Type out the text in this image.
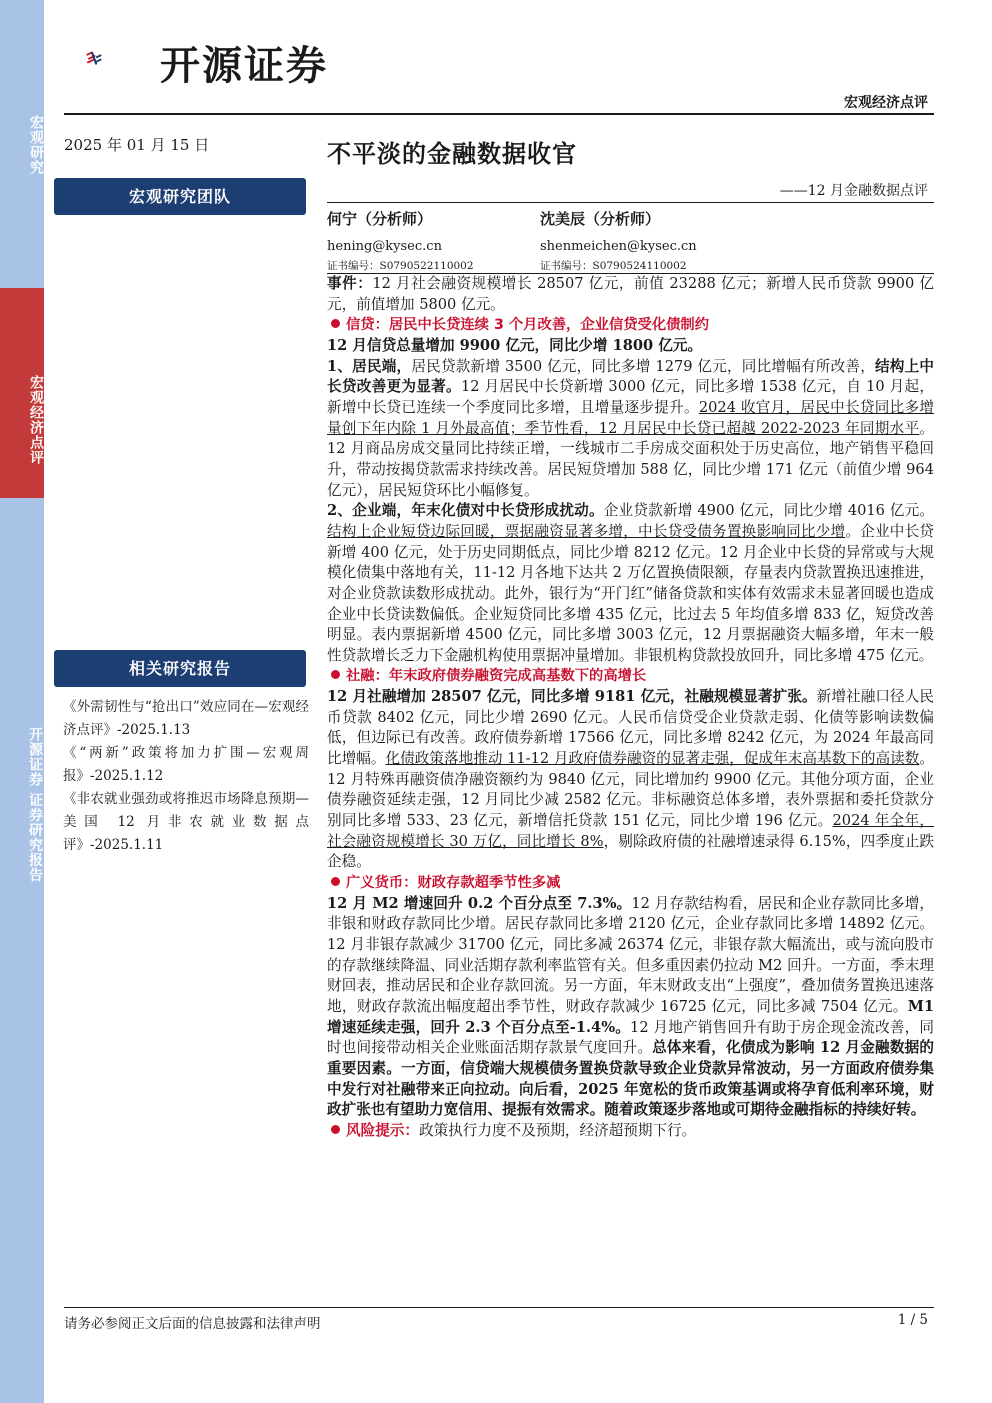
宏观研究
宏观经济点评
开源证券 证券研究报告
开源证券
宏观经济点评
2025 年 01 月 15 日	不平淡的金融数据收官
——12 月金融数据点评
宏观研究团队
何宁（分析师）
hening@kysec.cn
证书编号：S0790522110002
沈美辰（分析师）
shenmeichen@kysec.cn
证书编号：S0790524110002
相关研究报告

《外需韧性与“抢出口”效应同在—宏观经济点评》-2025.1.13

《“两新”政策将加力扩围—宏观周报》-2025.1.12

《非农就业强劲或将推迟市场降息预期—美国 12 月非农就业数据点评》-2025.1.11

事件：12 月社会融资规模增长 28507 亿元，前值 23288 亿元；新增人民币贷款 9900 亿元，前值增加 5800 亿元。

信贷：居民中长贷连续 3 个月改善，企业信贷受化债制约

12 月信贷总量增加 9900 亿元，同比少增 1800 亿元。

1、居民端，居民贷款新增 3500 亿元，同比多增 1279 亿元，同比增幅有所改善，结构上中长贷改善更为显著。12 月居民中长贷新增 3000 亿元，同比多增 1538 亿元，自 10 月起，新增中长贷已连续一个季度同比多增，且增量逐步提升。2024 收官月，居民中长贷同比多增量创下年内除 1 月外最高值；季节性看，12 月居民中长贷已超越 2022-2023 年同期水平。12 月商品房成交量同比持续正增，一线城市二手房成交面积处于历史高位，地产销售平稳回升，带动按揭贷款需求持续改善。居民短贷增加 588 亿，同比少增 171 亿元（前值少增 964 亿元），居民短贷环比小幅修复。

2、企业端，年末化债对中长贷形成扰动。企业贷款新增 4900 亿元，同比少增 4016 亿元。结构上企业短贷边际回暖，票据融资显著多增，中长贷受债务置换影响同比少增。企业中长贷新增 400 亿元，处于历史同期低点，同比少增 8212 亿元。12 月企业中长贷的异常或与大规模化债集中落地有关，11-12 月各地下达共 2 万亿置换债限额，存量表内贷款置换迅速推进，对企业贷款读数形成扰动。此外，银行为“开门红”储备贷款和实体有效需求未显著回暖也造成企业中长贷读数偏低。企业短贷同比多增 435 亿元，比过去 5 年均值多增 833 亿，短贷改善明显。表内票据新增 4500 亿元，同比多增 3003 亿元，12 月票据融资大幅多增，年末一般性贷款增长乏力下金融机构使用票据冲量增加。非银机构贷款投放回升，同比多增 475 亿元。

社融：年末政府债券融资完成高基数下的高增长

12 月社融增加 28507 亿元，同比多增 9181 亿元，社融规模显著扩张。新增社融口径人民币贷款 8402 亿元，同比少增 2690 亿元。人民币信贷受企业贷款走弱、化债等影响读数偏低，但边际已有改善。政府债券新增 17566 亿元，同比多增 8242 亿元，为 2024 年最高同比增幅。化债政策落地推动 11-12 月政府债券融资的显著走强，促成年末高基数下的高读数。12 月特殊再融资债净融资额约为 9840 亿元，同比增加约 9900 亿元。其他分项方面，企业债券融资延续走强，12 月同比少减 2582 亿元。非标融资总体多增，表外票据和委托贷款分别同比多增 533、23 亿元，新增信托贷款 151 亿元，同比少增 196 亿元。2024 年全年，社会融资规模增长 30 万亿，同比增长 8%，剔除政府债的社融增速录得 6.15%，四季度止跌企稳。

广义货币：财政存款超季节性多减

12 月 M2 增速回升 0.2 个百分点至 7.3%。12 月存款结构看，居民和企业存款同比多增，非银和财政存款同比少增。居民存款同比多增 2120 亿元，企业存款同比多增 14892 亿元。12 月非银存款减少 31700 亿元，同比多减 26374 亿元，非银存款大幅流出，或与流向股市的存款继续降温、同业活期存款利率监管有关。但多重因素仍拉动 M2 回升。一方面，季末理财回表，推动居民和企业存款回流。另一方面，年末财政支出“上强度”，叠加债务置换迅速落地，财政存款流出幅度超出季节性，财政存款减少 16725 亿元，同比多减 7504 亿元。M1 增速延续走强，回升 2.3 个百分点至-1.4%。12 月地产销售回升有助于房企现金流改善，同时也间接带动相关企业账面活期存款景气度回升。总体来看，化债成为影响 12 月金融数据的重要因素。一方面，信贷端大规模债务置换贷款导致企业贷款异常波动，另一方面政府债券集中发行对社融带来正向拉动。向后看，2025 年宽松的货币政策基调或将孕育低利率环境，财政扩张也有望助力宽信用、提振有效需求。随着政策逐步落地或可期待金融指标的持续好转。

风险提示：政策执行力度不及预期，经济超预期下行。
请务必参阅正文后面的信息披露和法律声明	1 / 5
